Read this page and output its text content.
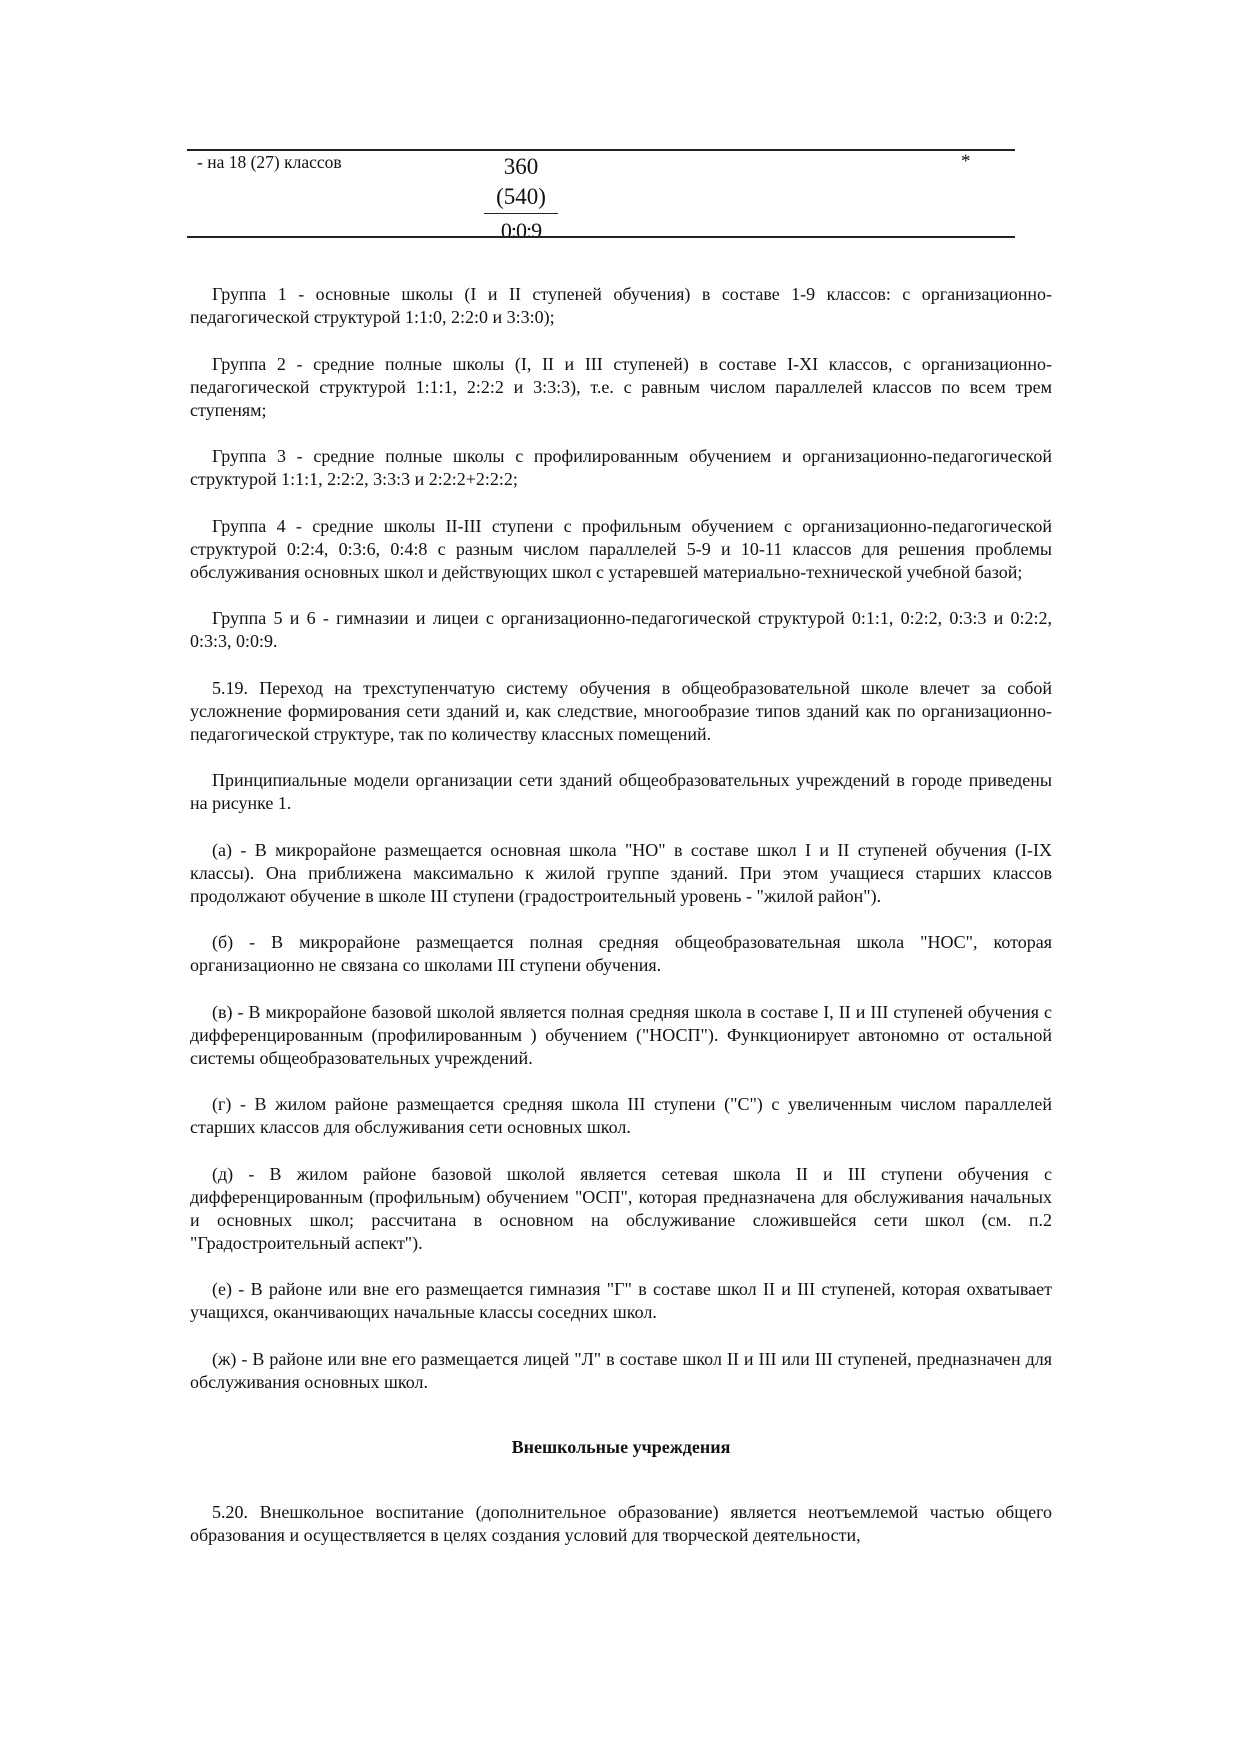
- на 18 (27) классов	$\frac{360 (540)}{0:0:9}$	*

Группа 1 - основные школы (I и II ступеней обучения) в составе 1-9 классов: с организационно-педагогической структурой 1:1:0, 2:2:0 и 3:3:0);

Группа 2 - средние полные школы (I, II и III ступеней) в составе I-XI классов, с организационно-педагогической структурой 1:1:1, 2:2:2 и 3:3:3), т.е. с равным числом параллелей классов по всем трем ступеням;

Группа 3 - средние полные школы с профилированным обучением и организационно-педагогической структурой 1:1:1, 2:2:2, 3:3:3 и 2:2:2+2:2:2;

Группа 4 - средние школы II-III ступени с профильным обучением с организационно-педагогической структурой 0:2:4, 0:3:6, 0:4:8 с разным числом параллелей 5-9 и 10-11 классов для решения проблемы обслуживания основных школ и действующих школ с устаревшей материально-технической учебной базой;

Группа 5 и 6 - гимназии и лицеи с организационно-педагогической структурой 0:1:1, 0:2:2, 0:3:3 и 0:2:2, 0:3:3, 0:0:9.

5.19. Переход на трехступенчатую систему обучения в общеобразовательной школе влечет за собой усложнение формирования сети зданий и, как следствие, многообразие типов зданий как по организационно-педагогической структуре, так по количеству классных помещений.

Принципиальные модели организации сети зданий общеобразовательных учреждений в городе приведены на рисунке 1.

(а) - В микрорайоне размещается основная школа "НО" в составе школ I и II ступеней обучения (I-IX классы). Она приближена максимально к жилой группе зданий. При этом учащиеся старших классов продолжают обучение в школе III ступени (градостроительный уровень - "жилой район").

(б) - В микрорайоне размещается полная средняя общеобразовательная школа "НОС", которая организационно не связана со школами III ступени обучения.

(в) - В микрорайоне базовой школой является полная средняя школа в составе I, II и III ступеней обучения с дифференцированным (профилированным ) обучением ("НОСП"). Функционирует автономно от остальной системы общеобразовательных учреждений.

(г) - В жилом районе размещается средняя школа III ступени ("С") с увеличенным числом параллелей старших классов для обслуживания сети основных школ.

(д) - В жилом районе базовой школой является сетевая школа II и III ступени обучения с дифференцированным (профильным) обучением "ОСП", которая предназначена для обслуживания начальных и основных школ; рассчитана в основном на обслуживание сложившейся сети школ (см. п.2 "Градостроительный аспект").

(е) - В районе или вне его размещается гимназия "Г" в составе школ II и III ступеней, которая охватывает учащихся, оканчивающих начальные классы соседних школ.

(ж) - В районе или вне его размещается лицей "Л" в составе школ II и III или III ступеней, предназначен для обслуживания основных школ.

Внешкольные учреждения

5.20. Внешкольное воспитание (дополнительное образование) является неотъемлемой частью общего образования и осуществляется в целях создания условий для творческой деятельности,
